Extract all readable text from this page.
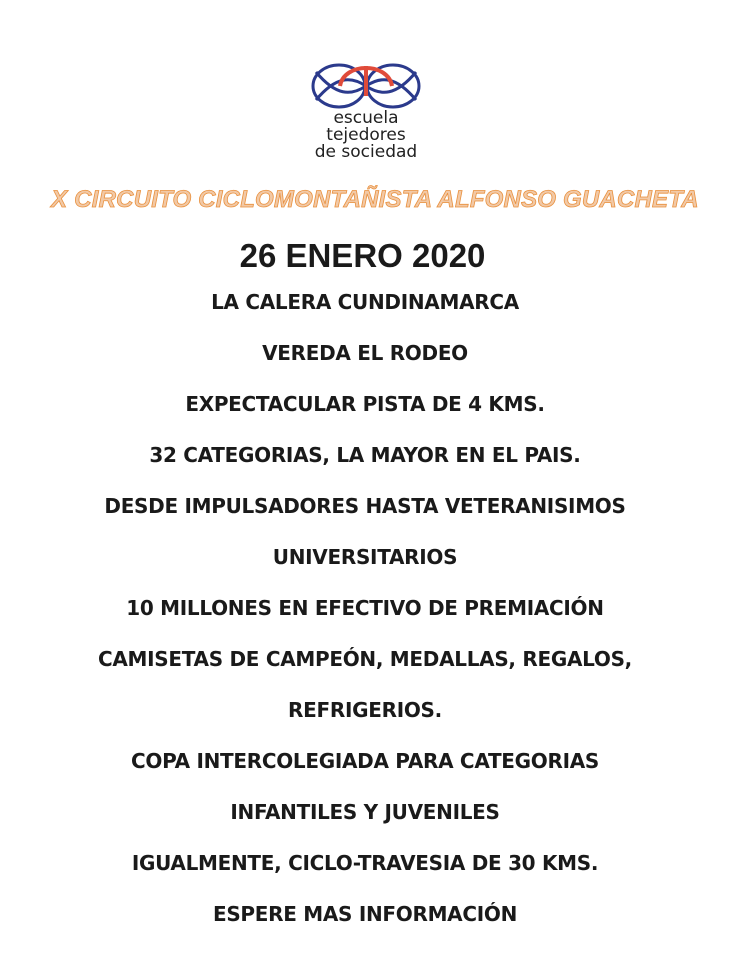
escuela
tejedores
de sociedad
X CIRCUITO CICLOMONTAÑISTA ALFONSO GUACHETA
26 ENERO 2020
LA CALERA CUNDINAMARCA
VEREDA EL RODEO
EXPECTACULAR PISTA DE 4 KMS.
32 CATEGORIAS, LA MAYOR EN EL PAIS.
DESDE IMPULSADORES HASTA VETERANISIMOS
UNIVERSITARIOS
10 MILLONES EN EFECTIVO DE PREMIACIÓN
CAMISETAS DE CAMPEÓN, MEDALLAS, REGALOS,
REFRIGERIOS.
COPA INTERCOLEGIADA PARA CATEGORIAS
INFANTILES Y JUVENILES
IGUALMENTE, CICLO-TRAVESIA DE 30 KMS.
ESPERE MAS INFORMACIÓN
